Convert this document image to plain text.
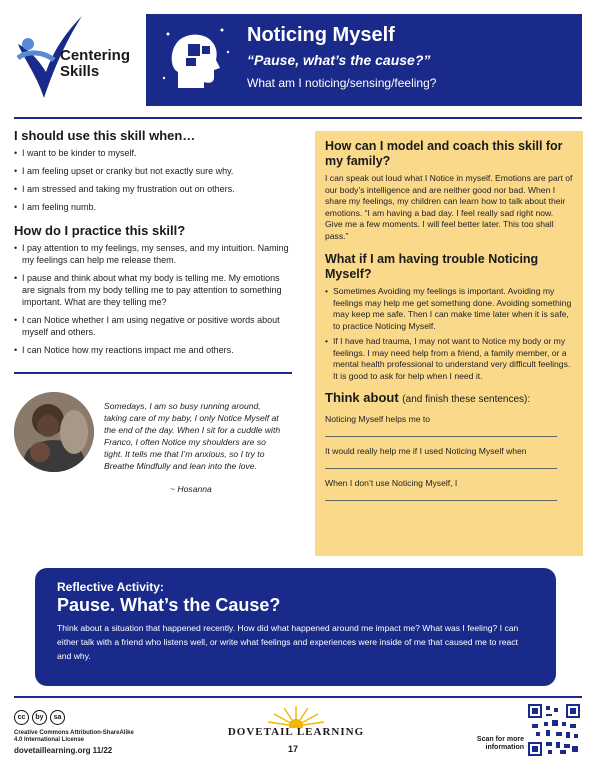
Centering
Skills
Noticing Myself
“Pause, what’s the cause?”
What am I noticing/sensing/feeling?
I should use this skill when…
• I want to be kinder to myself.
• I am feeling upset or cranky but not exactly sure why.
• I am stressed and taking my frustration out on others.
• I am feeling numb.
How do I practice this skill?
• I pay attention to my feelings, my senses, and my intuition. Naming my feelings can help me release them.
• I pause and think about what my body is telling me. My emotions are signals from my body telling me to pay attention to something important. What are they telling me?
• I can Notice whether I am using negative or positive words about myself and others.
• I can Notice how my reactions impact me and others.
Somedays, I am so busy running around, taking care of my baby, I only Notice Myself at the end of the day. When I sit for a cuddle with Franco, I often Notice my shoulders are so tight. It tells me that I’m anxious, so I try to Breathe Mindfully and lean into the love.
~ Hosanna
How can I model and coach this skill for my family?
I can speak out loud what I Notice in myself. Emotions are part of our body’s intelligence and are neither good nor bad. When I share my feelings, my children can learn how to talk about their emotions. “I am having a bad day. I feel really sad right now. Give me a few moments. I will feel better later. This too shall pass.”
What if I am having trouble Noticing Myself?
• Sometimes Avoiding my feelings is important. Avoiding my feelings may help me get something done. Avoiding something may keep me safe. Then I can make time later when it is safe, to practice Noticing Myself.
• If I have had trauma, I may not want to Notice my body or my feelings. I may need help from a friend, a family member, or a mental health professional to understand very difficult feelings. It is good to ask for help when I need it.
Think about (and finish these sentences):
Noticing Myself helps me to
It would really help me if I used Noticing Myself when
When I don’t use Noticing Myself, I
Reflective Activity:
Pause. What’s the Cause?
Think about a situation that happened recently. How did what happened around me impact me? What was I feeling? I can either talk with a friend who listens well, or write what feelings and experiences were inside of me that caused me to react and why.
cc	by	sa
Creative Commons Attribution-ShareAlike 4.0 International License
dovetaillearning.org 11/22
DOVETAIL LEARNING
17
Scan for more information
